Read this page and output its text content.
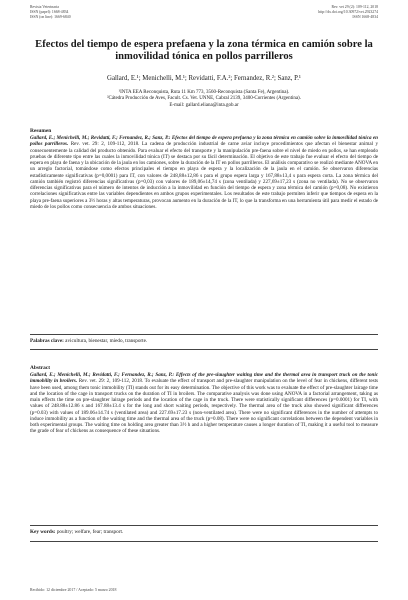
Revista Veterinaria
ISSN (papel): 1668-4834
ISSN (on line): 1669-6840
Rev. vet 29 (2): 109-112, 2018
http://dx.doi.org/10.30972/vet.2923274
ISSN 1668-4834
Efectos del tiempo de espera prefaena y la zona térmica en camión sobre la inmovilidad tónica en pollos parrilleros
Gallard, E.¹; Menichelli, M.¹; Revidatti, F.A.²; Fernandez, R.²; Sanz, P.¹
¹INTA EEA Reconquista, Ruta 11 Km 773, 3560-Reconquista (Santa Fe), Argentina).
²Cátedra Producción de Aves, Facult. Cs. Vet. UNNE, Cabral 2139, 3400-Corrientes (Argentina).
E-mail: gallard.eliana@inta.gob.ar
Resumen
Gallard, E.; Menichelli, M.; Revidatti, F.; Fernandez, R.; Sanz, P.: Efectos del tiempo de espera prefaena y la zona térmica en camión sobre la inmovilidad tónica en pollos parrilleros. Rev. vet. 29: 2, 109-112, 2018. La cadena de producción industrial de carne aviar incluye procedimientos que afectan el bienestar animal y consecuentemente la calidad del producto obtenido. Para evaluar el efecto del transporte y la manipulación pre-faena sobre el nivel de miedo en pollos, se han empleado pruebas de diferente tipo entre las cuales la inmovilidad tónica (IT) se destaca por su fácil determinación. El objetivo de este trabajo fue evaluar el efecto del tiempo de espera en playa de faena y la ubicación de la jaula en los camiones, sobre la duración de la IT en pollos parrilleros. El análisis comparativo se realizó mediante ANOVA en un arreglo factorial, tomándose como efectos principales el tiempo en playa de espera y la localización de la jaula en el camión. Se observaron diferencias estadísticamente significativas (p=0,0001) para IT, con valores de 248,88±12,86 s para el grupo espera larga y 167,88±13,4 s para espera corta. La zona térmica del camión también registró diferencias significativas (p=0,03) con valores de 189,06±14,74 s (zona ventilada) y 227,69±17,23 s (zona no ventilada). No se observaron diferencias significativas para el número de intentos de inducción a la inmovilidad en función del tiempo de espera y zona térmica del camión (p=0,08). No existieron correlaciones significativas entre las variables dependientes en ambos grupos experimentales. Los resultados de este trabajo permiten inferir que tiempos de espera en la playa pre-faena superiores a 3½ horas y altas temperaturas, provocan aumento en la duración de la IT, lo que la transforma en una herramienta útil para medir el estado de miedo de los pollos como consecuencia de ambos situaciones.
Palabras clave: avicultura, bienestar, miedo, transporte.
Abstract
Gallard, E.; Menichelli, M.; Revidatti, F.; Fernandez, R.; Sanz, P.: Effects of the pre-slaughter waiting time and the thermal area in transport truck on the tonic immobility in broilers. Rev. vet. 29: 2, 109-112, 2018. To evaluate the effect of transport and pre-slaughter manipulation on the level of fear in chickens, different tests have been used, among them tonic immobility (TI) stands out for its easy determination. The objective of this work was to evaluate the effect of pre-slaughter lairage time and the location of the cage in transport trucks on the duration of TI in broilers. The comparative analysis was done using ANOVA in a factorial arrangement, taking as main effects the time on pre-slaughter lairage periods and the location of the cage in the truck. There were statistically significant differences (p=0.0001) for TI, with values of 248.88±12.86 s and 167.88±13.4 s for the long and short waiting periods, respectively. The thermal area of the truck also showed significant differences (p=0.03) with values of 189.06±14.74 s (ventilated area) and 227.69±17.23 s (non-ventilated area). There were no significant differences in the number of attempts to induce immobility as a function of the waiting time and the thermal area of the truck (p=0.08). There were no significant correlations between the dependent variables in both experimental groups. The waiting time on holding area greater than 3½ h and a higher temperature causes a longer duration of TI, making it a useful tool to measure the grade of fear of chickens as consequence of these situations.
Key words: poultry; welfare, fear; transport.
Recibido: 12 diciembre 2017 / Aceptado: 5 marzo 2018
